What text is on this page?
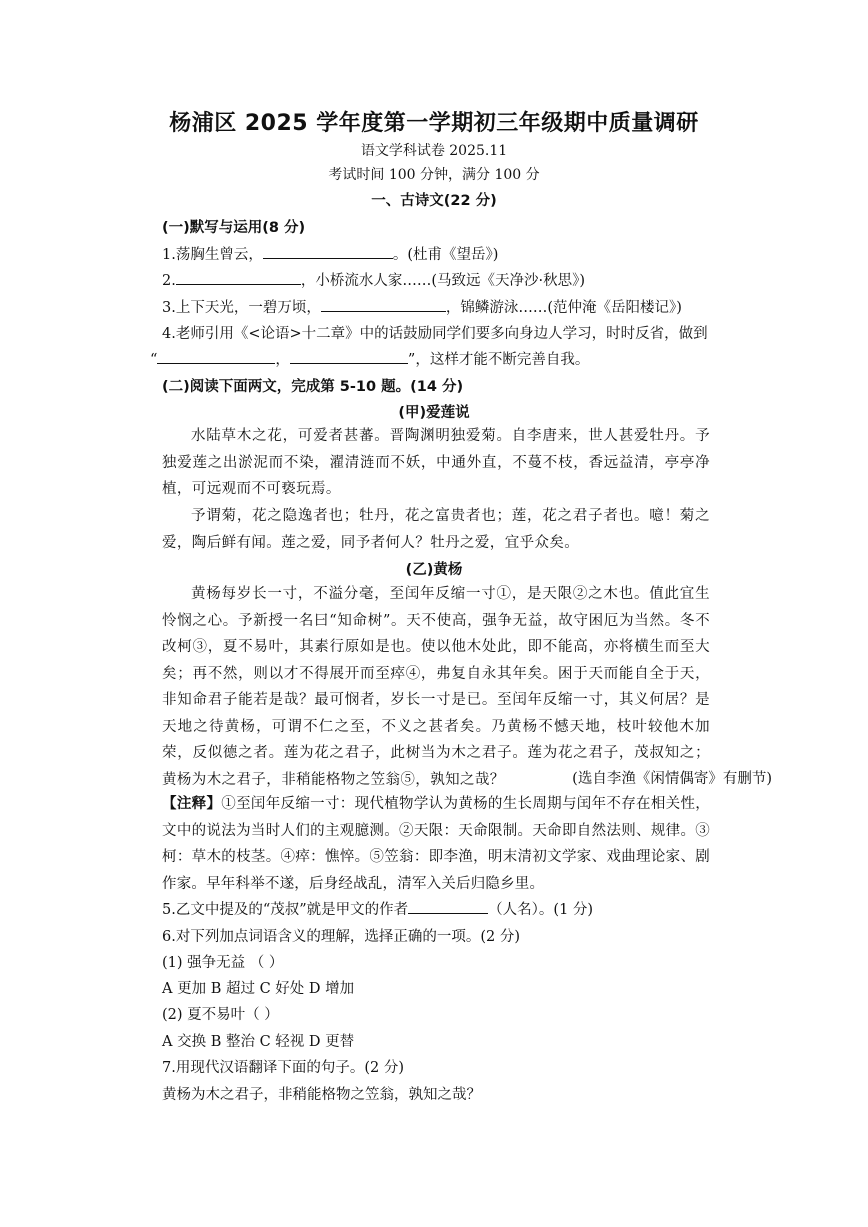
杨浦区 2025 学年度第一学期初三年级期中质量调研
语文学科试卷 2025.11
考试时间 100 分钟，满分 100 分
一、古诗文(22 分)
(一)默写与运用(8 分)
1.荡胸生曾云，	。(杜甫《望岳》)
2.	，小桥流水人家……(马致远《天净沙·秋思》)
3.上下天光，一碧万顷，	，锦鳞游泳……(范仲淹《岳阳楼记》)
4.老师引用《<论语>十二章》中的话鼓励同学们要多向身边人学习，时时反省，做到
“	，	”，这样才能不断完善自我。
(二)阅读下面两文，完成第 5-10 题。(14 分)
(甲)爱莲说
水陆草木之花，可爱者甚蕃。晋陶渊明独爱菊。自李唐来，世人甚爱牡丹。予独爱莲之出淤泥而不染，濯清涟而不妖，中通外直，不蔓不枝，香远益清，亭亭净植，可远观而不可亵玩焉。
予谓菊，花之隐逸者也；牡丹，花之富贵者也；莲，花之君子者也。噫！菊之爱，陶后鲜有闻。莲之爱，同予者何人？牡丹之爱，宜乎众矣。
(乙)黄杨
黄杨每岁长一寸，不溢分毫，至闰年反缩一寸①，是天限②之木也。值此宜生怜悯之心。予新授一名曰“知命树”。天不使高，强争无益，故守困厄为当然。冬不改柯③，夏不易叶，其素行原如是也。使以他木处此，即不能高，亦将横生而至大矣；再不然，则以才不得展开而至瘁④，弗复自永其年矣。困于天而能自全于天，非知命君子能若是哉？最可悯者，岁长一寸是已。至闰年反缩一寸，其义何居？是天地之待黄杨，可谓不仁之至，不义之甚者矣。乃黄杨不憾天地，枝叶较他木加荣，反似德之者。莲为花之君子，此树当为木之君子。莲为花之君子，茂叔知之；黄杨为木之君子，非稍能格物之笠翁⑤，孰知之哉？	(选自李渔《闲情偶寄》有删节)
【注释】①至闰年反缩一寸：现代植物学认为黄杨的生长周期与闰年不存在相关性，文中的说法为当时人们的主观臆测。②天限：天命限制。天命即自然法则、规律。③柯：草木的枝茎。④瘁：憔悴。⑤笠翁：即李渔，明末清初文学家、戏曲理论家、剧作家。早年科举不遂，后身经战乱，清军入关后归隐乡里。
5.乙文中提及的“茂叔”就是甲文的作者	（人名）。(1 分)
6.对下列加点词语含义的理解，选择正确的一项。(2 分)
(1) 强争无益 （ ）
A 更加 B 超过 C 好处 D 增加
(2) 夏不易叶（ ）
A 交换 B 整治 C 轻视 D 更替
7.用现代汉语翻译下面的句子。(2 分)
黄杨为木之君子，非稍能格物之笠翁，孰知之哉？
